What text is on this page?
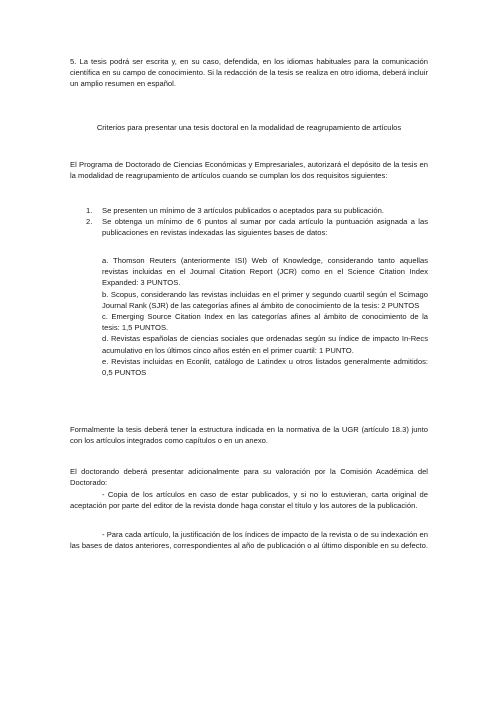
5. La tesis podrá ser escrita y, en su caso, defendida, en los idiomas habituales para la comunicación científica en su campo de conocimiento. Si la redacción de la tesis se realiza en otro idioma, deberá incluir un amplio resumen en español.

Criterios para presentar una tesis doctoral en la modalidad de reagrupamiento de artículos

El Programa de Doctorado de Ciencias Económicas y Empresariales, autorizará el depósito de la tesis en la modalidad de reagrupamiento de artículos cuando se cumplan los dos requisitos siguientes:

1. Se presenten un mínimo de 3 artículos publicados o aceptados para su publicación.
2. Se obtenga un mínimo de 6 puntos al sumar por cada artículo la puntuación asignada a las publicaciones en revistas indexadas las siguientes bases de datos:

a. Thomson Reuters (anteriormente ISI) Web of Knowledge, considerando tanto aquellas revistas incluidas en el Journal Citation Report (JCR) como en el Science Citation Index Expanded: 3 PUNTOS.

b. Scopus, considerando las revistas incluidas en el primer y segundo cuartil según el Scimago Journal Rank (SJR) de las categorías afines al ámbito de conocimiento de la tesis: 2 PUNTOS

c. Emerging Source Citation Index en las categorías afines al ámbito de conocimiento de la tesis: 1,5 PUNTOS.

d. Revistas españolas de ciencias sociales que ordenadas según su índice de impacto In-Recs acumulativo en los últimos cinco años estén en el primer cuartil: 1 PUNTO.

e. Revistas incluidas en Econlit, catálogo de Latindex u otros listados generalmente admitidos: 0,5 PUNTOS

Formalmente la tesis deberá tener la estructura indicada en la normativa de la UGR (artículo 18.3) junto con los artículos integrados como capítulos o en un anexo.

El doctorando deberá presentar adicionalmente para su valoración por la Comisión Académica del Doctorado:

- Copia de los artículos en caso de estar publicados, y si no lo estuvieran, carta original de aceptación por parte del editor de la revista donde haga constar el título y los autores de la publicación.

- Para cada artículo, la justificación de los índices de impacto de la revista o de su indexación en las bases de datos anteriores, correspondientes al año de publicación o al último disponible en su defecto.
